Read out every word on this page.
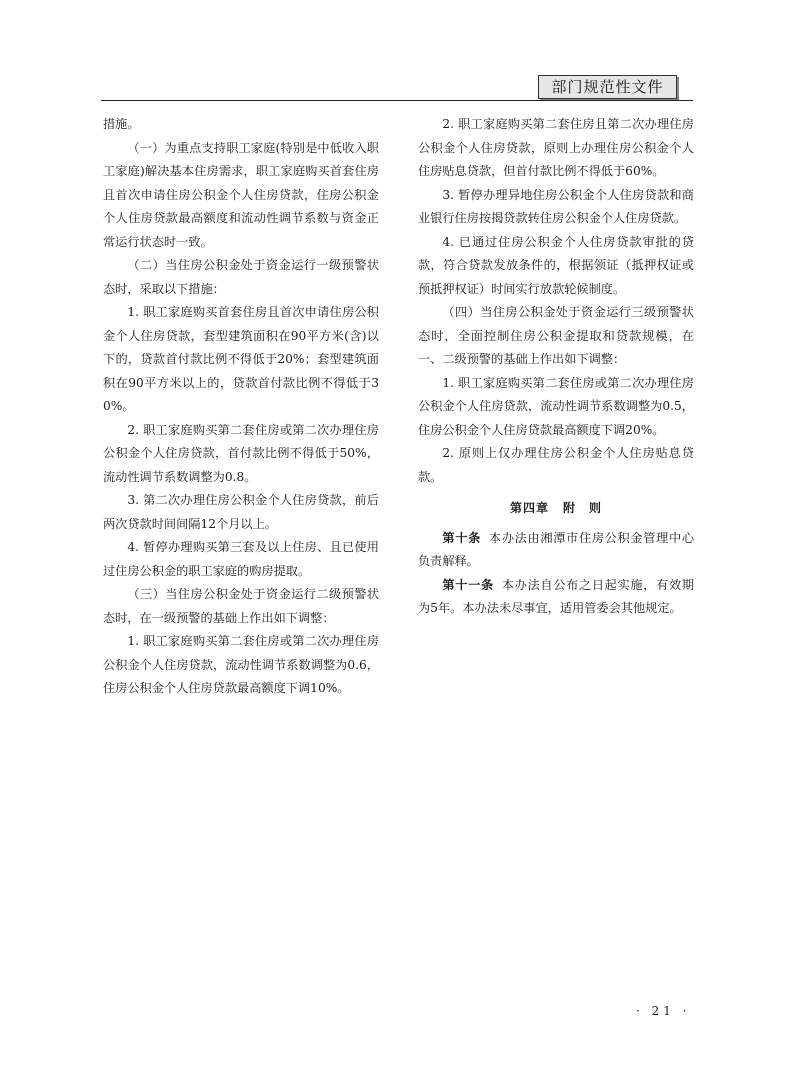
部门规范性文件

措施。

（一）为重点支持职工家庭(特别是中低收入职工家庭)解决基本住房需求，职工家庭购买首套住房且首次申请住房公积金个人住房贷款，住房公积金个人住房贷款最高额度和流动性调节系数与资金正常运行状态时一致。

（二）当住房公积金处于资金运行一级预警状态时，采取以下措施：

1. 职工家庭购买首套住房且首次申请住房公积金个人住房贷款，套型建筑面积在90平方米(含)以下的，贷款首付款比例不得低于20%；套型建筑面积在90平方米以上的，贷款首付款比例不得低于30%。

2. 职工家庭购买第二套住房或第二次办理住房公积金个人住房贷款，首付款比例不得低于50%，流动性调节系数调整为0.8。

3. 第二次办理住房公积金个人住房贷款，前后两次贷款时间间隔12个月以上。

4. 暂停办理购买第三套及以上住房、且已使用过住房公积金的职工家庭的购房提取。

（三）当住房公积金处于资金运行二级预警状态时，在一级预警的基础上作出如下调整：

1. 职工家庭购买第二套住房或第二次办理住房公积金个人住房贷款，流动性调节系数调整为0.6，住房公积金个人住房贷款最高额度下调10%。

2. 职工家庭购买第二套住房且第二次办理住房公积金个人住房贷款，原则上办理住房公积金个人住房贴息贷款，但首付款比例不得低于60%。

3. 暂停办理异地住房公积金个人住房贷款和商业银行住房按揭贷款转住房公积金个人住房贷款。

4. 已通过住房公积金个人住房贷款审批的贷款，符合贷款发放条件的，根据领证（抵押权证或预抵押权证）时间实行放款轮候制度。

（四）当住房公积金处于资金运行三级预警状态时，全面控制住房公积金提取和贷款规模，在一、二级预警的基础上作出如下调整：

1. 职工家庭购买第二套住房或第二次办理住房公积金个人住房贷款，流动性调节系数调整为0.5，住房公积金个人住房贷款最高额度下调20%。

2. 原则上仅办理住房公积金个人住房贴息贷款。

第四章 附　则

第十条 本办法由湘潭市住房公积金管理中心负责解释。

第十一条 本办法自公布之日起实施，有效期为5年。本办法未尽事宜，适用管委会其他规定。

· 21 ·
